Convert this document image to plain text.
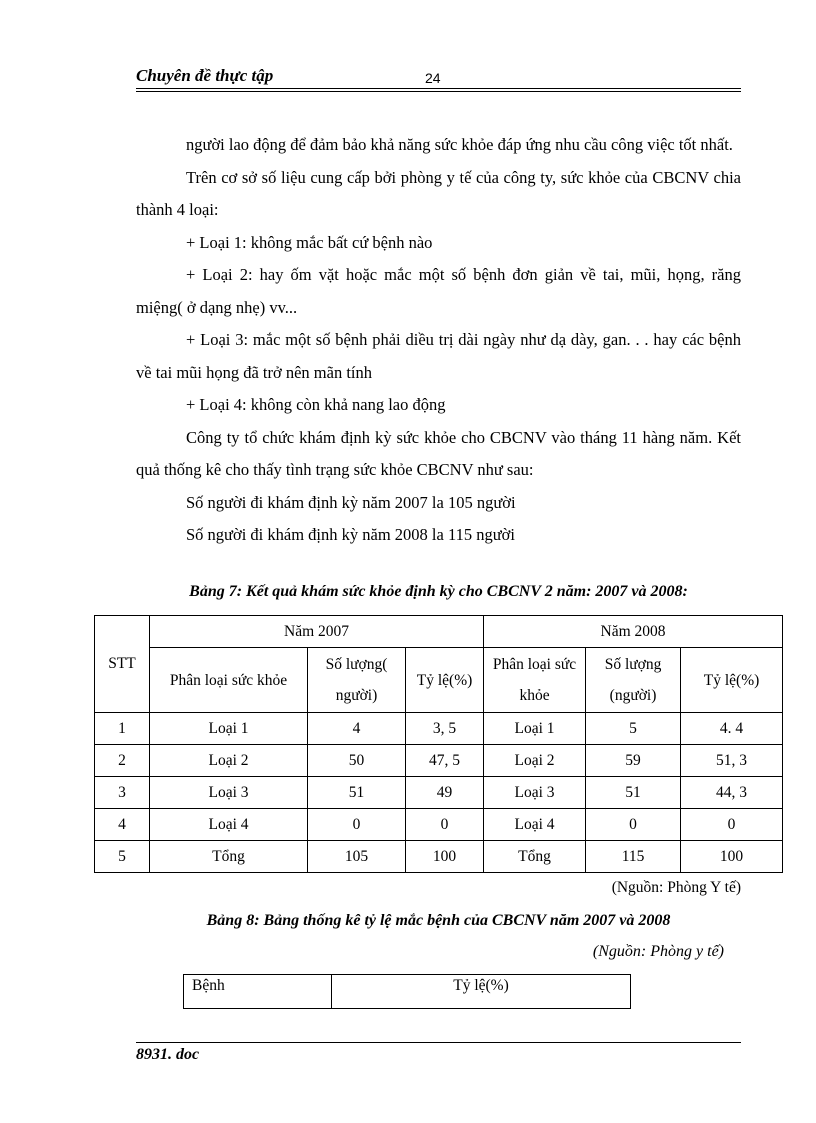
Chuyên đề thực tập	24

người lao động để đảm bảo khả năng sức khỏe đáp ứng nhu cầu công việc tốt nhất.

Trên cơ sở số liệu cung cấp bởi phòng y tế của công ty, sức khỏe của CBCNV chia thành 4 loại:

+ Loại 1: không mắc bất cứ bệnh nào

+ Loại 2: hay ốm vặt hoặc mắc một số bệnh đơn giản về tai, mũi, họng, răng miệng( ở dạng nhẹ) vv...

+ Loại 3: mắc một số bệnh phải diều trị dài ngày như dạ dày, gan. . . hay các bệnh về tai mũi họng đã trở nên mãn tính

+ Loại 4: không còn khả nang lao động

Công ty tổ chức khám định kỳ sức khỏe cho CBCNV vào tháng 11 hàng năm. Kết quả thống kê cho thấy tình trạng sức khỏe CBCNV như sau:

Số người đi khám định kỳ năm 2007 la 105 người

Số người đi khám định kỳ năm 2008 la 115 người

Bảng 7: Kết quả khám sức khỏe định kỳ cho CBCNV 2 năm: 2007 và 2008:
STT	Năm 2007			Năm 2008		
	Phân loại sức khỏe	Số lượng( người)	Tỷ lệ(%)	Phân loại sức khỏe	Số lượng (người)	Tỷ lệ(%)
1	Loại 1	4	3, 5	Loại 1	5	4. 4
2	Loại 2	50	47, 5	Loại 2	59	51, 3
3	Loại 3	51	49	Loại 3	51	44, 3
4	Loại 4	0	0	Loại 4	0	0
5	Tổng	105	100	Tổng	115	100
(Nguồn: Phòng Y tế)
Bảng 8: Bảng thống kê tỷ lệ mắc bệnh của CBCNV năm 2007 và 2008
(Nguồn: Phòng y tế)
Bệnh	Tỷ lệ(%)
8931. doc
